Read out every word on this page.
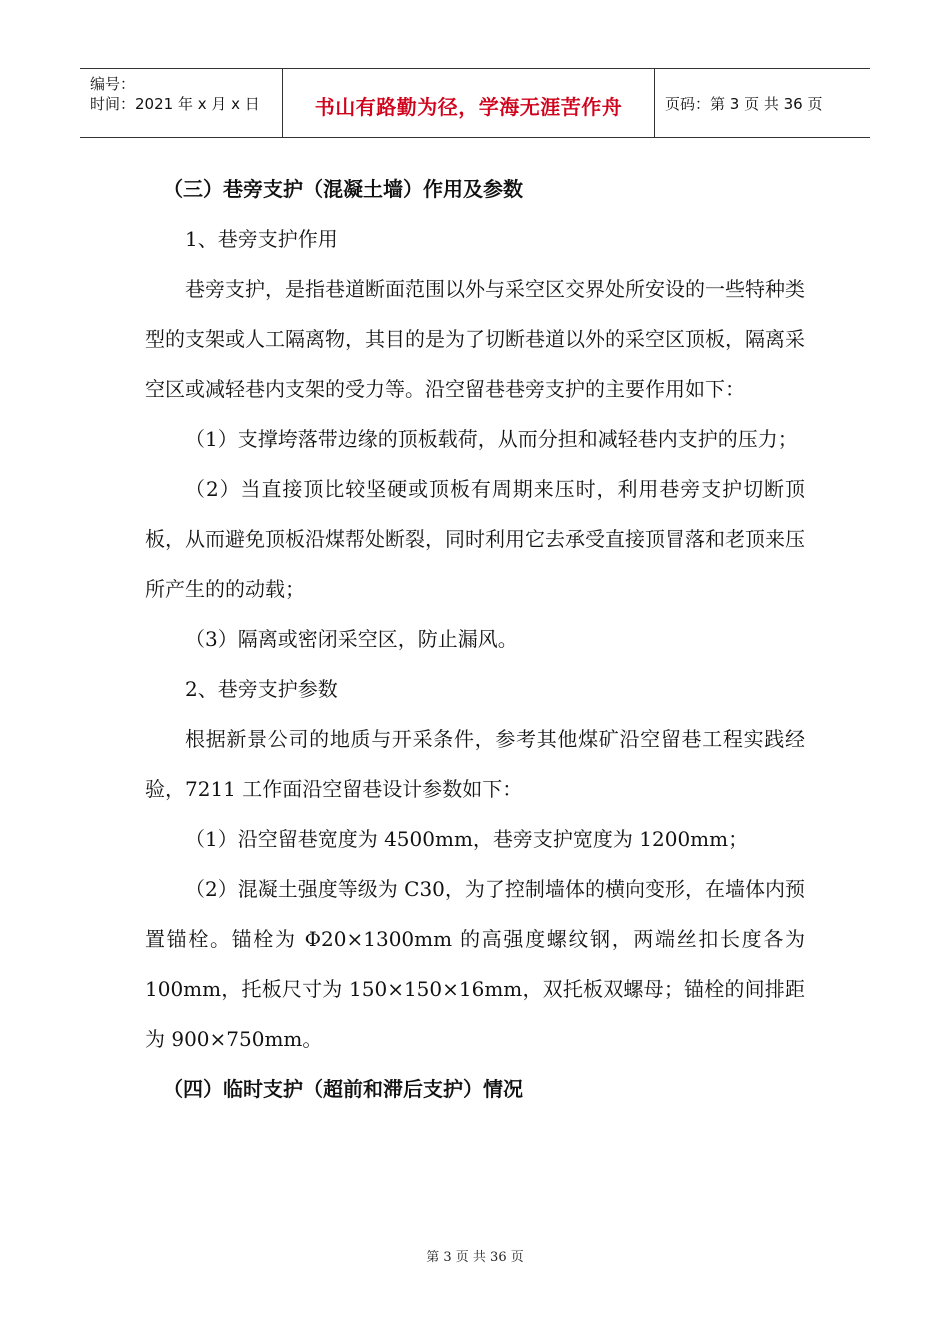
编号：
时间：2021 年 x 月 x 日	书山有路勤为径，学海无涯苦作舟	页码：第 3 页 共 36 页

（三）巷旁支护（混凝土墙）作用及参数

1、巷旁支护作用

巷旁支护，是指巷道断面范围以外与采空区交界处所安设的一些特种类型的支架或人工隔离物，其目的是为了切断巷道以外的采空区顶板，隔离采空区或减轻巷内支架的受力等。沿空留巷巷旁支护的主要作用如下：

（1）支撑垮落带边缘的顶板载荷，从而分担和减轻巷内支护的压力；

（2）当直接顶比较坚硬或顶板有周期来压时，利用巷旁支护切断顶板，从而避免顶板沿煤帮处断裂，同时利用它去承受直接顶冒落和老顶来压所产生的的动载；

（3）隔离或密闭采空区，防止漏风。

2、巷旁支护参数

根据新景公司的地质与开采条件，参考其他煤矿沿空留巷工程实践经验，7211 工作面沿空留巷设计参数如下：

（1）沿空留巷宽度为 4500mm，巷旁支护宽度为 1200mm；

（2）混凝土强度等级为 C30，为了控制墙体的横向变形，在墙体内预置锚栓。锚栓为 Φ20×1300mm 的高强度螺纹钢，两端丝扣长度各为 100mm，托板尺寸为 150×150×16mm，双托板双螺母；锚栓的间排距为 900×750mm。

（四）临时支护（超前和滞后支护）情况

第 3 页 共 36 页
